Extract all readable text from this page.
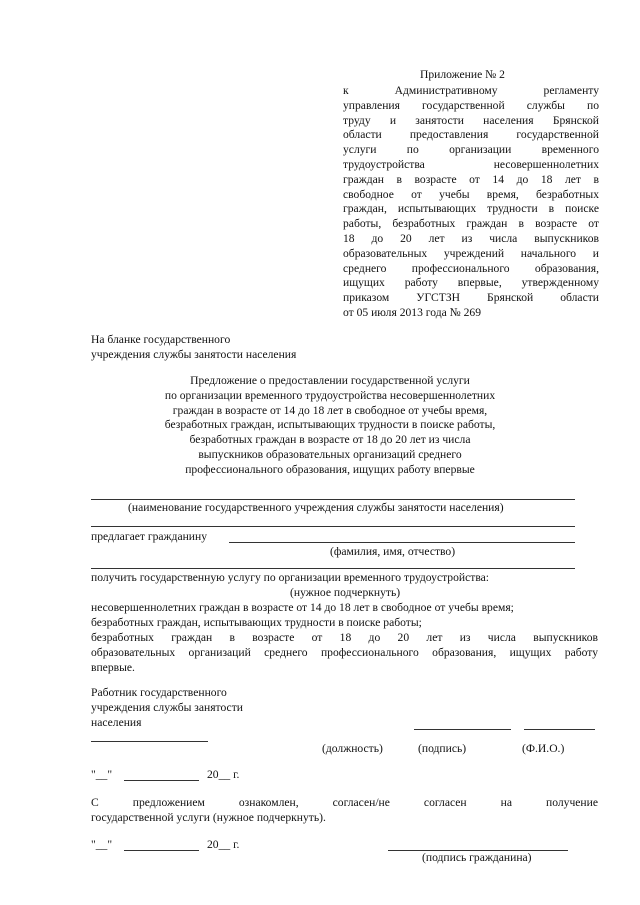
Приложение № 2
к Административному регламенту
управления государственной службы по
труду и занятости населения Брянской
области предоставления государственной
услуги по организации временного
трудоустройства несовершеннолетних
граждан в возрасте от 14 до 18 лет в
свободное от учебы время, безработных
граждан, испытывающих трудности в поиске
работы, безработных граждан в возрасте от
18 до 20 лет из числа выпускников
образовательных учреждений начального и
среднего профессионального образования,
ищущих работу впервые, утвержденному
приказом УГСТЗН Брянской области
от 05 июля 2013 года № 269
На бланке государственного
учреждения службы занятости населения
Предложение о предоставлении государственной услуги
по организации временного трудоустройства несовершеннолетних
граждан в возрасте от 14 до 18 лет в свободное от учебы время,
безработных граждан, испытывающих трудности в поиске работы,
безработных граждан в возрасте от 18 до 20 лет из числа
выпускников образовательных организаций среднего
профессионального образования, ищущих работу впервые
(наименование государственного учреждения службы занятости населения)
предлагает гражданину
(фамилия, имя, отчество)
получить государственную услугу по организации временного трудоустройства:
(нужное подчеркнуть)
несовершеннолетних граждан в возрасте от 14 до 18 лет в свободное от учебы время;
безработных граждан, испытывающих трудности в поиске работы;
безработных граждан в возрасте от 18 до 20 лет из числа выпускников
образовательных организаций среднего профессионального образования, ищущих работу
впервые.
Работник государственного
учреждения службы занятости
населения
(должность)	(подпись)	(Ф.И.О.)
"__"	20__ г.
С предложением ознакомлен, согласен/не согласен на получение
государственной услуги (нужное подчеркнуть).
"__"	20__ г.
(подпись гражданина)
